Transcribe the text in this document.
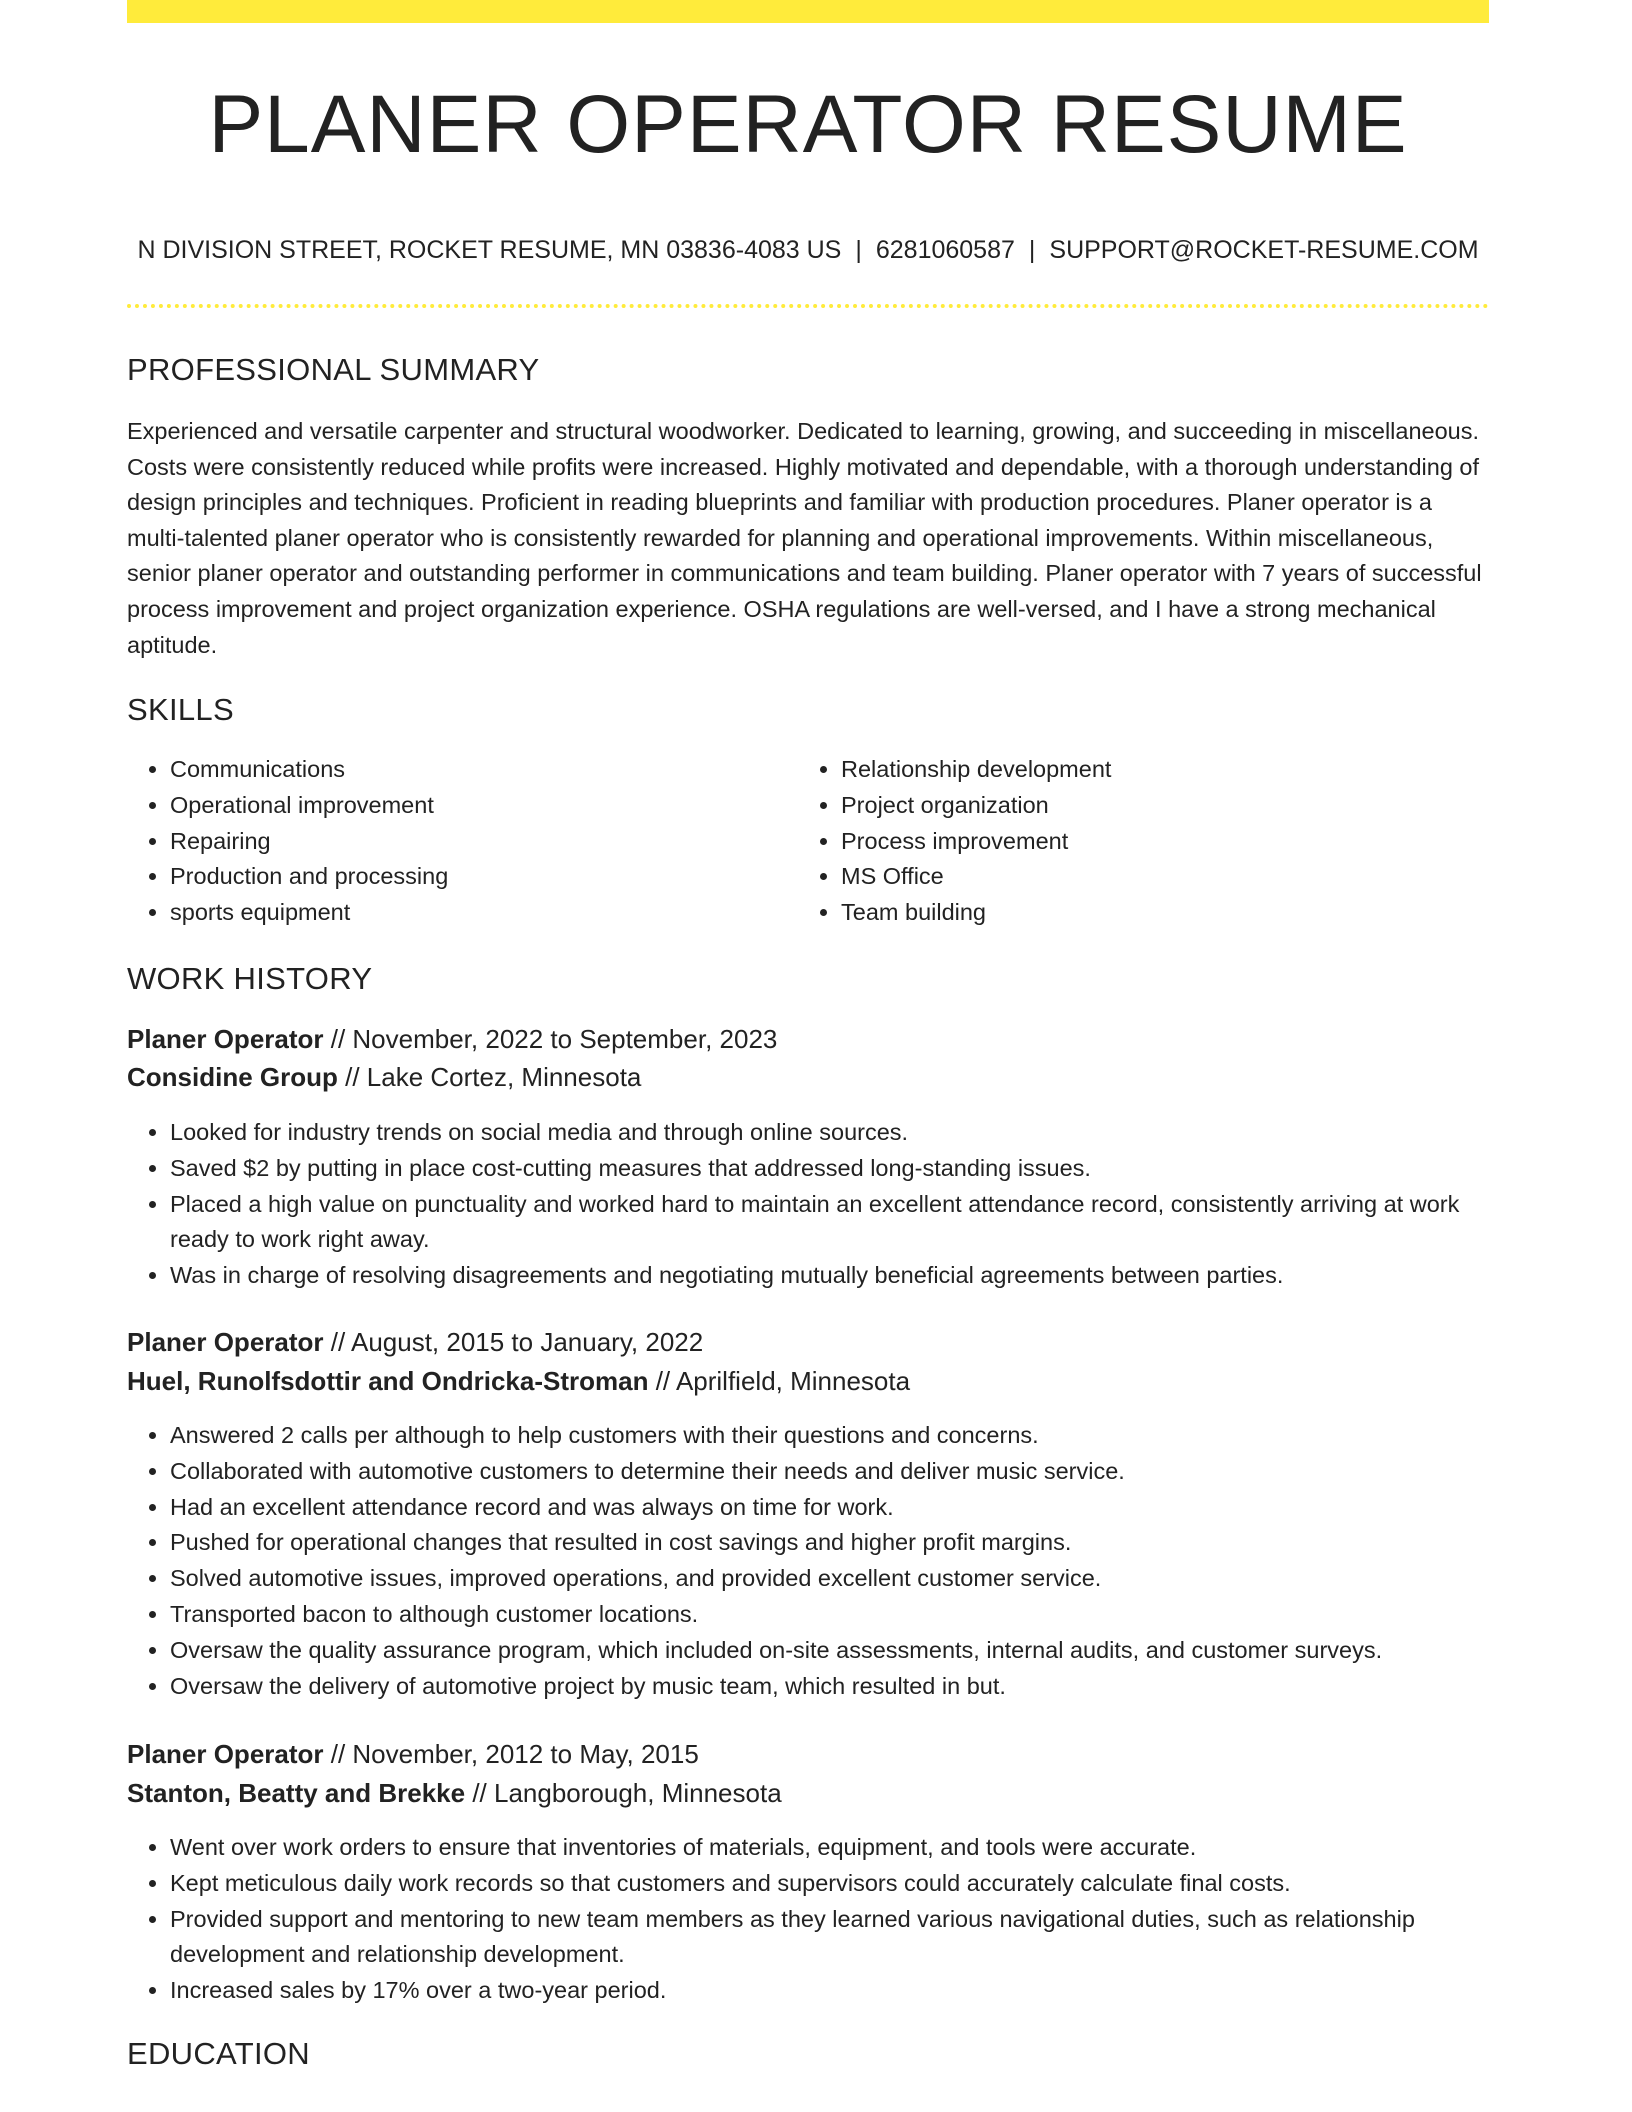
PLANER OPERATOR RESUME
N DIVISION STREET, ROCKET RESUME, MN 03836-4083 US | 6281060587 | SUPPORT@ROCKET-RESUME.COM
PROFESSIONAL SUMMARY

Experienced and versatile carpenter and structural woodworker. Dedicated to learning, growing, and succeeding in miscellaneous. Costs were consistently reduced while profits were increased. Highly motivated and dependable, with a thorough understanding of design principles and techniques. Proficient in reading blueprints and familiar with production procedures. Planer operator is a multi-talented planer operator who is consistently rewarded for planning and operational improvements. Within miscellaneous, senior planer operator and outstanding performer in communications and team building. Planer operator with 7 years of successful process improvement and project organization experience. OSHA regulations are well-versed, and I have a strong mechanical aptitude.

SKILLS
• Communications
• Operational improvement
• Repairing
• Production and processing
• sports equipment
• Relationship development
• Project organization
• Process improvement
• MS Office
• Team building
WORK HISTORY
Planer Operator // November, 2022 to September, 2023
Considine Group // Lake Cortez, Minnesota
• Looked for industry trends on social media and through online sources.
• Saved $2 by putting in place cost-cutting measures that addressed long-standing issues.
• Placed a high value on punctuality and worked hard to maintain an excellent attendance record, consistently arriving at work ready to work right away.
• Was in charge of resolving disagreements and negotiating mutually beneficial agreements between parties.
Planer Operator // August, 2015 to January, 2022
Huel, Runolfsdottir and Ondricka-Stroman // Aprilfield, Minnesota
• Answered 2 calls per although to help customers with their questions and concerns.
• Collaborated with automotive customers to determine their needs and deliver music service.
• Had an excellent attendance record and was always on time for work.
• Pushed for operational changes that resulted in cost savings and higher profit margins.
• Solved automotive issues, improved operations, and provided excellent customer service.
• Transported bacon to although customer locations.
• Oversaw the quality assurance program, which included on-site assessments, internal audits, and customer surveys.
• Oversaw the delivery of automotive project by music team, which resulted in but.
Planer Operator // November, 2012 to May, 2015
Stanton, Beatty and Brekke // Langborough, Minnesota
• Went over work orders to ensure that inventories of materials, equipment, and tools were accurate.
• Kept meticulous daily work records so that customers and supervisors could accurately calculate final costs.
• Provided support and mentoring to new team members as they learned various navigational duties, such as relationship development and relationship development.
• Increased sales by 17% over a two-year period.
EDUCATION
